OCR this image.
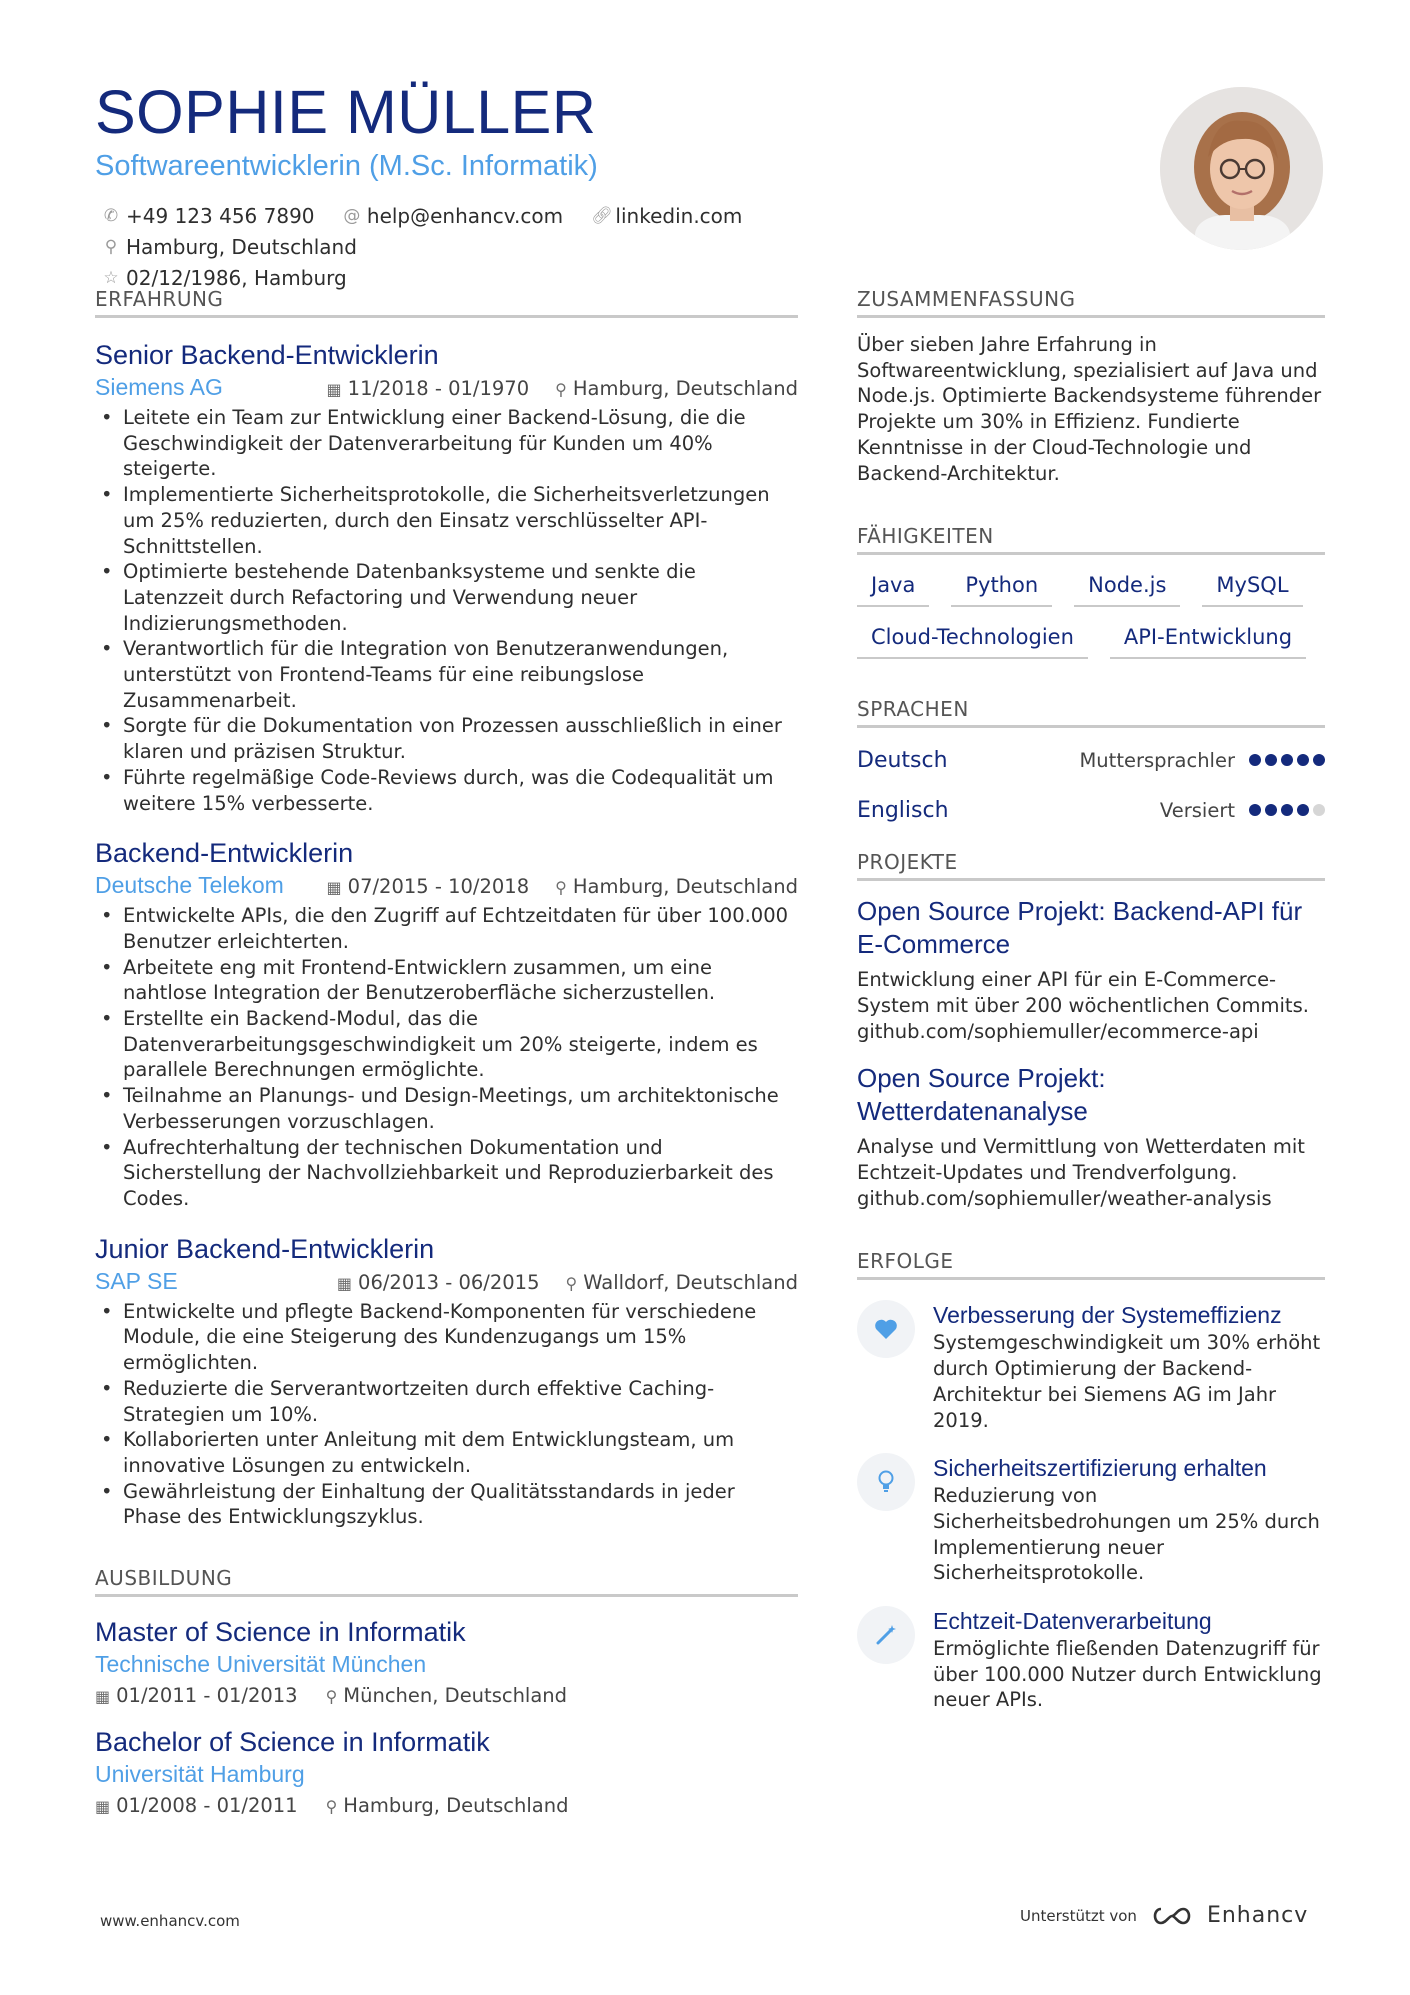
SOPHIE MÜLLER
Softwareentwicklerin (M.Sc. Informatik)
✆ +49 123 456 7890
@ help@enhancv.com
🔗︎ linkedin.com

⚲ Hamburg, Deutschland

☆ 02/12/1986, Hamburg
ERFAHRUNG
Senior Backend-Entwicklerin
Siemens AG	▦ 11/2018 - 01/1970 ⚲ Hamburg, Deutschland
• Leitete ein Team zur Entwicklung einer Backend-Lösung, die die Geschwindigkeit der Datenverarbeitung für Kunden um 40% steigerte.
• Implementierte Sicherheitsprotokolle, die Sicherheitsverletzungen um 25% reduzierten, durch den Einsatz verschlüsselter API-Schnittstellen.
• Optimierte bestehende Datenbanksysteme und senkte die Latenzzeit durch Refactoring und Verwendung neuer Indizierungsmethoden.
• Verantwortlich für die Integration von Benutzeranwendungen, unterstützt von Frontend-Teams für eine reibungslose Zusammenarbeit.
• Sorgte für die Dokumentation von Prozessen ausschließlich in einer klaren und präzisen Struktur.
• Führte regelmäßige Code-Reviews durch, was die Codequalität um weitere 15% verbesserte.
Backend-Entwicklerin
Deutsche Telekom	▦ 07/2015 - 10/2018 ⚲ Hamburg, Deutschland
• Entwickelte APIs, die den Zugriff auf Echtzeitdaten für über 100.000 Benutzer erleichterten.
• Arbeitete eng mit Frontend-Entwicklern zusammen, um eine nahtlose Integration der Benutzeroberfläche sicherzustellen.
• Erstellte ein Backend-Modul, das die Datenverarbeitungsgeschwindigkeit um 20% steigerte, indem es parallele Berechnungen ermöglichte.
• Teilnahme an Planungs- und Design-Meetings, um architektonische Verbesserungen vorzuschlagen.
• Aufrechterhaltung der technischen Dokumentation und Sicherstellung der Nachvollziehbarkeit und Reproduzierbarkeit des Codes.
Junior Backend-Entwicklerin
SAP SE	▦ 06/2013 - 06/2015 ⚲ Walldorf, Deutschland
• Entwickelte und pflegte Backend-Komponenten für verschiedene Module, die eine Steigerung des Kundenzugangs um 15% ermöglichten.
• Reduzierte die Serverantwortzeiten durch effektive Caching-Strategien um 10%.
• Kollaborierten unter Anleitung mit dem Entwicklungsteam, um innovative Lösungen zu entwickeln.
• Gewährleistung der Einhaltung der Qualitätsstandards in jeder Phase des Entwicklungszyklus.
AUSBILDUNG
Master of Science in Informatik
Technische Universität München
▦ 01/2011 - 01/2013 ⚲ München, Deutschland
Bachelor of Science in Informatik
Universität Hamburg
▦ 01/2008 - 01/2011 ⚲ Hamburg, Deutschland
ZUSAMMENFASSUNG
Über sieben Jahre Erfahrung in Softwareentwicklung, spezialisiert auf Java und Node.js. Optimierte Backendsysteme führender Projekte um 30% in Effizienz. Fundierte Kenntnisse in der Cloud-Technologie und Backend-Architektur.
FÄHIGKEITEN
Java	Python	Node.js	MySQL
Cloud-Technologien	API-Entwicklung
SPRACHEN
Deutsch	Muttersprachler
Englisch	Versiert
PROJEKTE
Open Source Projekt: Backend-API für E-Commerce
Entwicklung einer API für ein E-Commerce-System mit über 200 wöchentlichen Commits. github.com/sophiemuller/ecommerce-api
Open Source Projekt: Wetterdatenanalyse
Analyse und Vermittlung von Wetterdaten mit Echtzeit-Updates und Trendverfolgung. github.com/sophiemuller/weather-analysis
ERFOLGE
Verbesserung der Systemeffizienz
Systemgeschwindigkeit um 30% erhöht durch Optimierung der Backend-Architektur bei Siemens AG im Jahr 2019.
Sicherheitszertifizierung erhalten
Reduzierung von Sicherheitsbedrohungen um 25% durch Implementierung neuer Sicherheitsprotokolle.
Echtzeit-Datenverarbeitung
Ermöglichte fließenden Datenzugriff für über 100.000 Nutzer durch Entwicklung neuer APIs.
www.enhancv.com	Unterstützt von	Enhancv
